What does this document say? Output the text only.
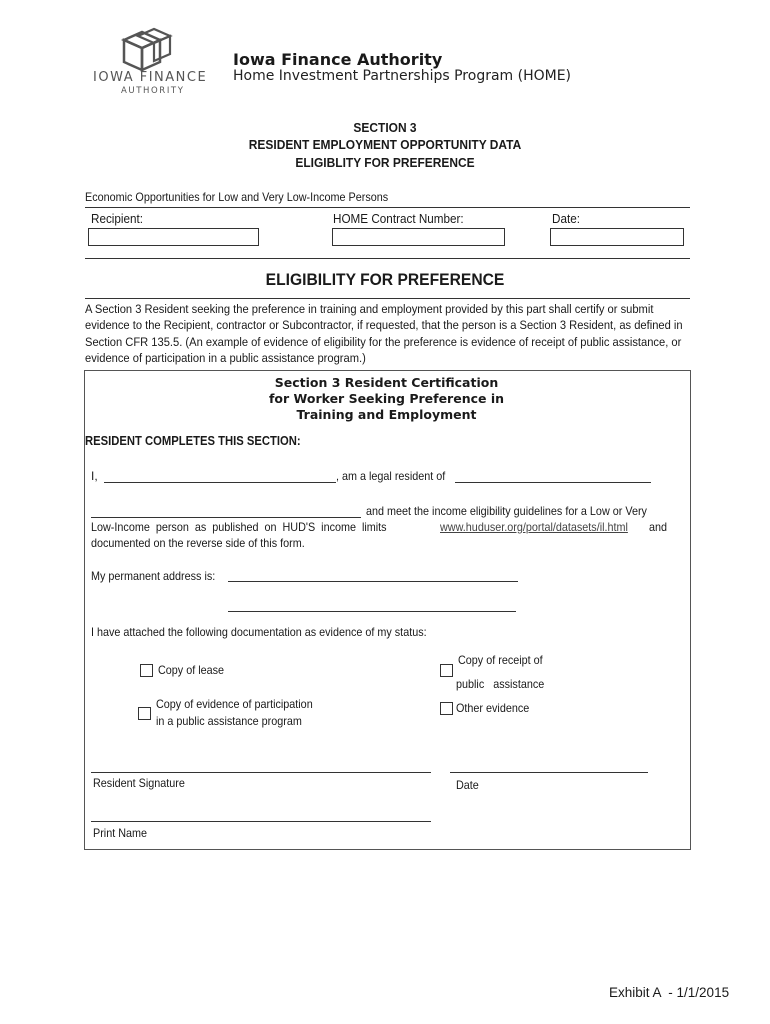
IOWA FINANCE
AUTHORITY
Iowa Finance Authority
Home Investment Partnerships Program (HOME)
SECTION 3
RESIDENT EMPLOYMENT OPPORTUNITY DATA
ELIGIBLITY FOR PREFERENCE
Economic Opportunities for Low and Very Low-Income Persons
Recipient:	HOME Contract Number:	Date:
ELIGIBILITY FOR PREFERENCE
A Section 3 Resident seeking the preference in training and employment provided by this part shall certify or submit evidence to the Recipient, contractor or Subcontractor, if requested, that the person is a Section 3 Resident, as defined in Section CFR 135.5. (An example of evidence of eligibility for the preference is evidence of receipt of public assistance, or evidence of participation in a public assistance program.)
Section 3 Resident Certification
for Worker Seeking Preference in
Training and Employment
RESIDENT COMPLETES THIS SECTION:
I,	, am a legal resident of
and meet the income eligibility guidelines for a Low or Very
Low-Income  person  as  published  on  HUD'S  income  limits	www.huduser.org/portal/datasets/il.html and
documented on the reverse side of this form.
My permanent address is:
I have attached the following documentation as evidence of my status:
Copy of lease
Copy of evidence of participation
in a public assistance program
Copy of receipt of
public   assistance
Other evidence
Resident Signature	Date
Print Name
Exhibit A  - 1/1/2015
